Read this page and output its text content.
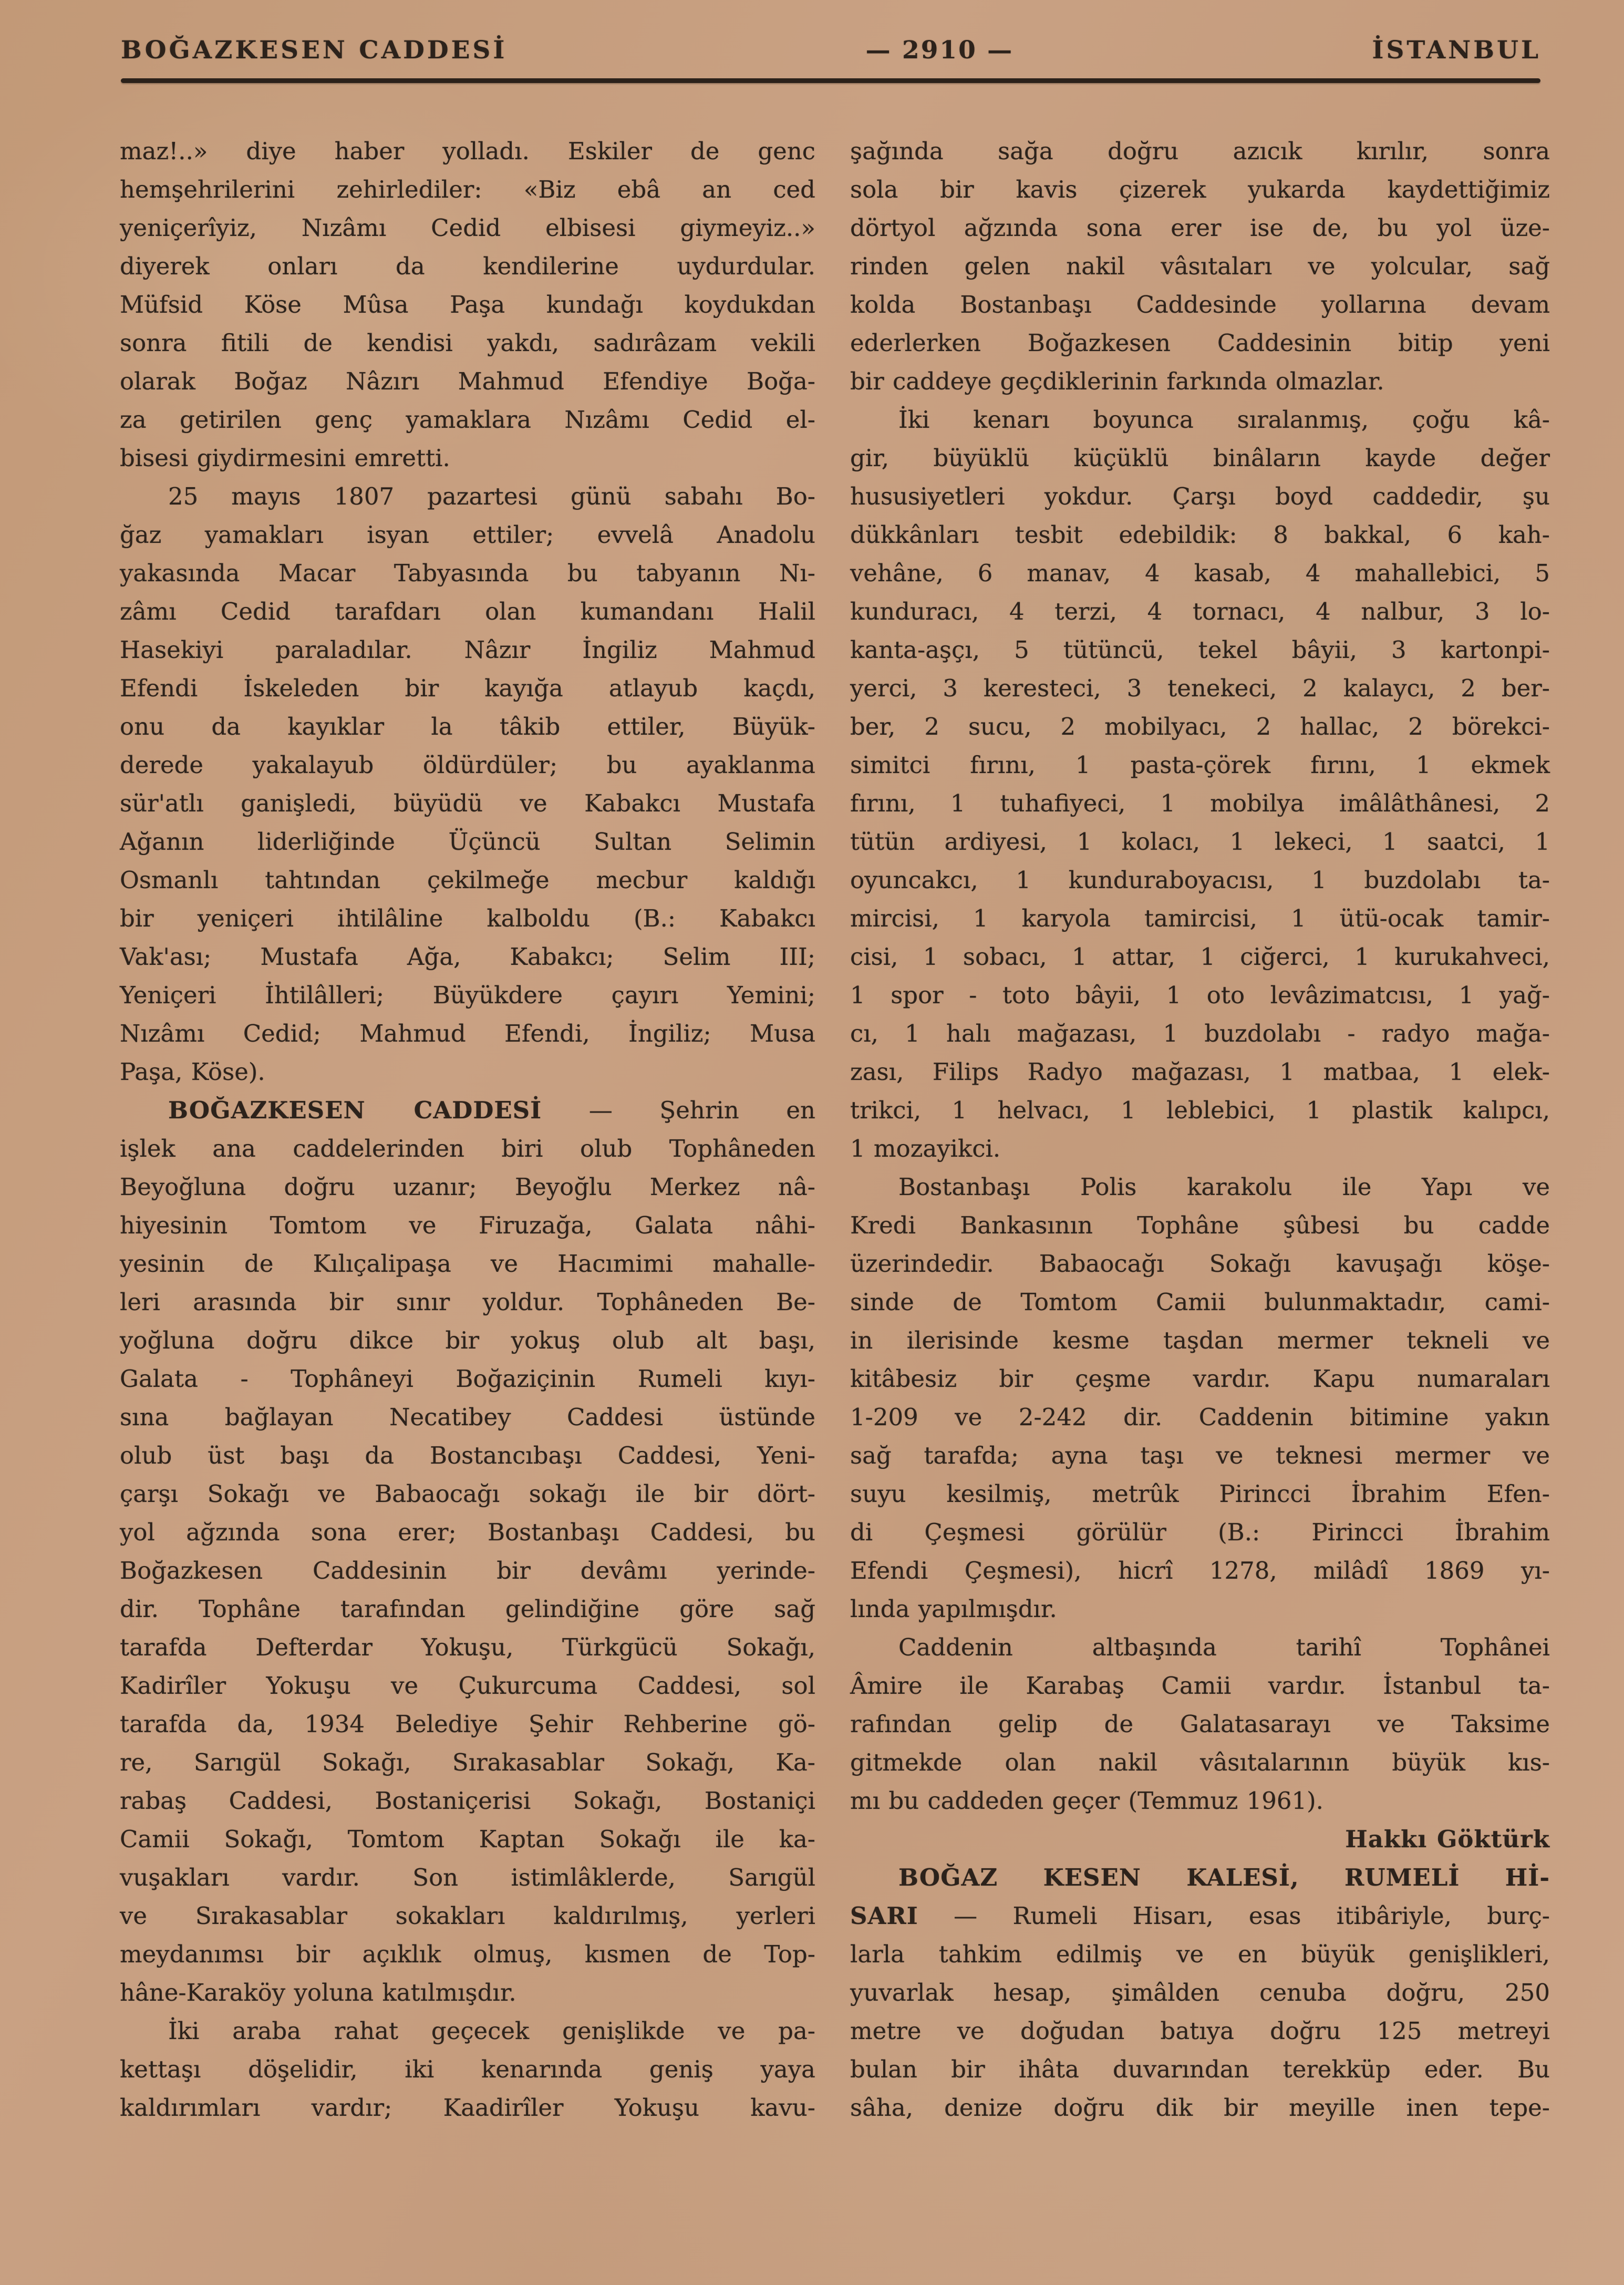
BOĞAZKESEN CADDESİ	— 2910 —	İSTANBUL
maz!..» diye haber yolladı. Eskiler de genc
hemşehrilerini zehirlediler: «Biz ebâ an ced
yeniçerîyiz, Nızâmı Cedid elbisesi giymeyiz..»
diyerek onları da kendilerine uydurdular.
Müfsid Köse Mûsa Paşa kundağı koydukdan
sonra fitili de kendisi yakdı, sadırâzam vekili
olarak Boğaz Nâzırı Mahmud Efendiye Boğa-
za getirilen genç yamaklara Nızâmı Cedid el-
bisesi giydirmesini emretti.
25 mayıs 1807 pazartesi günü sabahı Bo-
ğaz yamakları isyan ettiler; evvelâ Anadolu
yakasında Macar Tabyasında bu tabyanın Nı-
zâmı Cedid tarafdarı olan kumandanı Halil
Hasekiyi paraladılar. Nâzır İngiliz Mahmud
Efendi İskeleden bir kayığa atlayub kaçdı,
onu da kayıklar la tâkib ettiler, Büyük-
derede yakalayub öldürdüler; bu ayaklanma
sür'atlı ganişledi, büyüdü ve Kabakcı Mustafa
Ağanın liderliğinde Üçüncü Sultan Selimin
Osmanlı tahtından çekilmeğe mecbur kaldığı
bir yeniçeri ihtilâline kalboldu (B.: Kabakcı
Vak'ası; Mustafa Ağa, Kabakcı; Selim III;
Yeniçeri İhtilâlleri; Büyükdere çayırı Yemini;
Nızâmı Cedid; Mahmud Efendi, İngiliz; Musa
Paşa, Köse).
BOĞAZKESEN CADDESİ — Şehrin en
işlek ana caddelerinden biri olub Tophâneden
Beyoğluna doğru uzanır; Beyoğlu Merkez nâ-
hiyesinin Tomtom ve Firuzağa, Galata nâhi-
yesinin de Kılıçalipaşa ve Hacımimi mahalle-
leri arasında bir sınır yoldur. Tophâneden Be-
yoğluna doğru dikce bir yokuş olub alt başı,
Galata - Tophâneyi Boğaziçinin Rumeli kıyı-
sına bağlayan Necatibey Caddesi üstünde
olub üst başı da Bostancıbaşı Caddesi, Yeni-
çarşı Sokağı ve Babaocağı sokağı ile bir dört-
yol ağzında sona erer; Bostanbaşı Caddesi, bu
Boğazkesen Caddesinin bir devâmı yerinde-
dir. Tophâne tarafından gelindiğine göre sağ
tarafda Defterdar Yokuşu, Türkgücü Sokağı,
Kadirîler Yokuşu ve Çukurcuma Caddesi, sol
tarafda da, 1934 Belediye Şehir Rehberine gö-
re, Sarıgül Sokağı, Sırakasablar Sokağı, Ka-
rabaş Caddesi, Bostaniçerisi Sokağı, Bostaniçi
Camii Sokağı, Tomtom Kaptan Sokağı ile ka-
vuşakları vardır. Son istimlâklerde, Sarıgül
ve Sırakasablar sokakları kaldırılmış, yerleri
meydanımsı bir açıklık olmuş, kısmen de Top-
hâne-Karaköy yoluna katılmışdır.
İki araba rahat geçecek genişlikde ve pa-
kettaşı döşelidir, iki kenarında geniş yaya
kaldırımları vardır; Kaadirîler Yokuşu kavu-
şağında sağa doğru azıcık kırılır, sonra
sola bir kavis çizerek yukarda kaydettiğimiz
dörtyol ağzında sona erer ise de, bu yol üze-
rinden gelen nakil vâsıtaları ve yolcular, sağ
kolda Bostanbaşı Caddesinde yollarına devam
ederlerken Boğazkesen Caddesinin bitip yeni
bir caddeye geçdiklerinin farkında olmazlar.
İki kenarı boyunca sıralanmış, çoğu kâ-
gir, büyüklü küçüklü binâların kayde değer
hususiyetleri yokdur. Çarşı boyd caddedir, şu
dükkânları tesbit edebildik: 8 bakkal, 6 kah-
vehâne, 6 manav, 4 kasab, 4 mahallebici, 5
kunduracı, 4 terzi, 4 tornacı, 4 nalbur, 3 lo-
kanta-aşçı, 5 tütüncü, tekel bâyii, 3 kartonpi-
yerci, 3 keresteci, 3 tenekeci, 2 kalaycı, 2 ber-
ber, 2 sucu, 2 mobilyacı, 2 hallac, 2 börekci-
simitci fırını, 1 pasta-çörek fırını, 1 ekmek
fırını, 1 tuhafiyeci, 1 mobilya imâlâthânesi, 2
tütün ardiyesi, 1 kolacı, 1 lekeci, 1 saatci, 1
oyuncakcı, 1 kunduraboyacısı, 1 buzdolabı ta-
mircisi, 1 karyola tamircisi, 1 ütü-ocak tamir-
cisi, 1 sobacı, 1 attar, 1 ciğerci, 1 kurukahveci,
1 spor - toto bâyii, 1 oto levâzimatcısı, 1 yağ-
cı, 1 halı mağazası, 1 buzdolabı - radyo mağa-
zası, Filips Radyo mağazası, 1 matbaa, 1 elek-
trikci, 1 helvacı, 1 leblebici, 1 plastik kalıpcı,
1 mozayikci.
Bostanbaşı Polis karakolu ile Yapı ve
Kredi Bankasının Tophâne şûbesi bu cadde
üzerindedir. Babaocağı Sokağı kavuşağı köşe-
sinde de Tomtom Camii bulunmaktadır, cami-
in ilerisinde kesme taşdan mermer tekneli ve
kitâbesiz bir çeşme vardır. Kapu numaraları
1-209 ve 2-242 dir. Caddenin bitimine yakın
sağ tarafda; ayna taşı ve teknesi mermer ve
suyu kesilmiş, metrûk Pirincci İbrahim Efen-
di Çeşmesi görülür (B.: Pirincci İbrahim
Efendi Çeşmesi), hicrî 1278, milâdî 1869 yı-
lında yapılmışdır.
Caddenin altbaşında tarihî Tophânei
Âmire ile Karabaş Camii vardır. İstanbul ta-
rafından gelip de Galatasarayı ve Taksime
gitmekde olan nakil vâsıtalarının büyük kıs-
mı bu caddeden geçer (Temmuz 1961).
Hakkı Göktürk
BOĞAZ KESEN KALESİ, RUMELİ Hİ-
SARI — Rumeli Hisarı, esas itibâriyle, burç-
larla tahkim edilmiş ve en büyük genişlikleri,
yuvarlak hesap, şimâlden cenuba doğru, 250
metre ve doğudan batıya doğru 125 metreyi
bulan bir ihâta duvarından terekküp eder. Bu
sâha, denize doğru dik bir meyille inen tepe-
